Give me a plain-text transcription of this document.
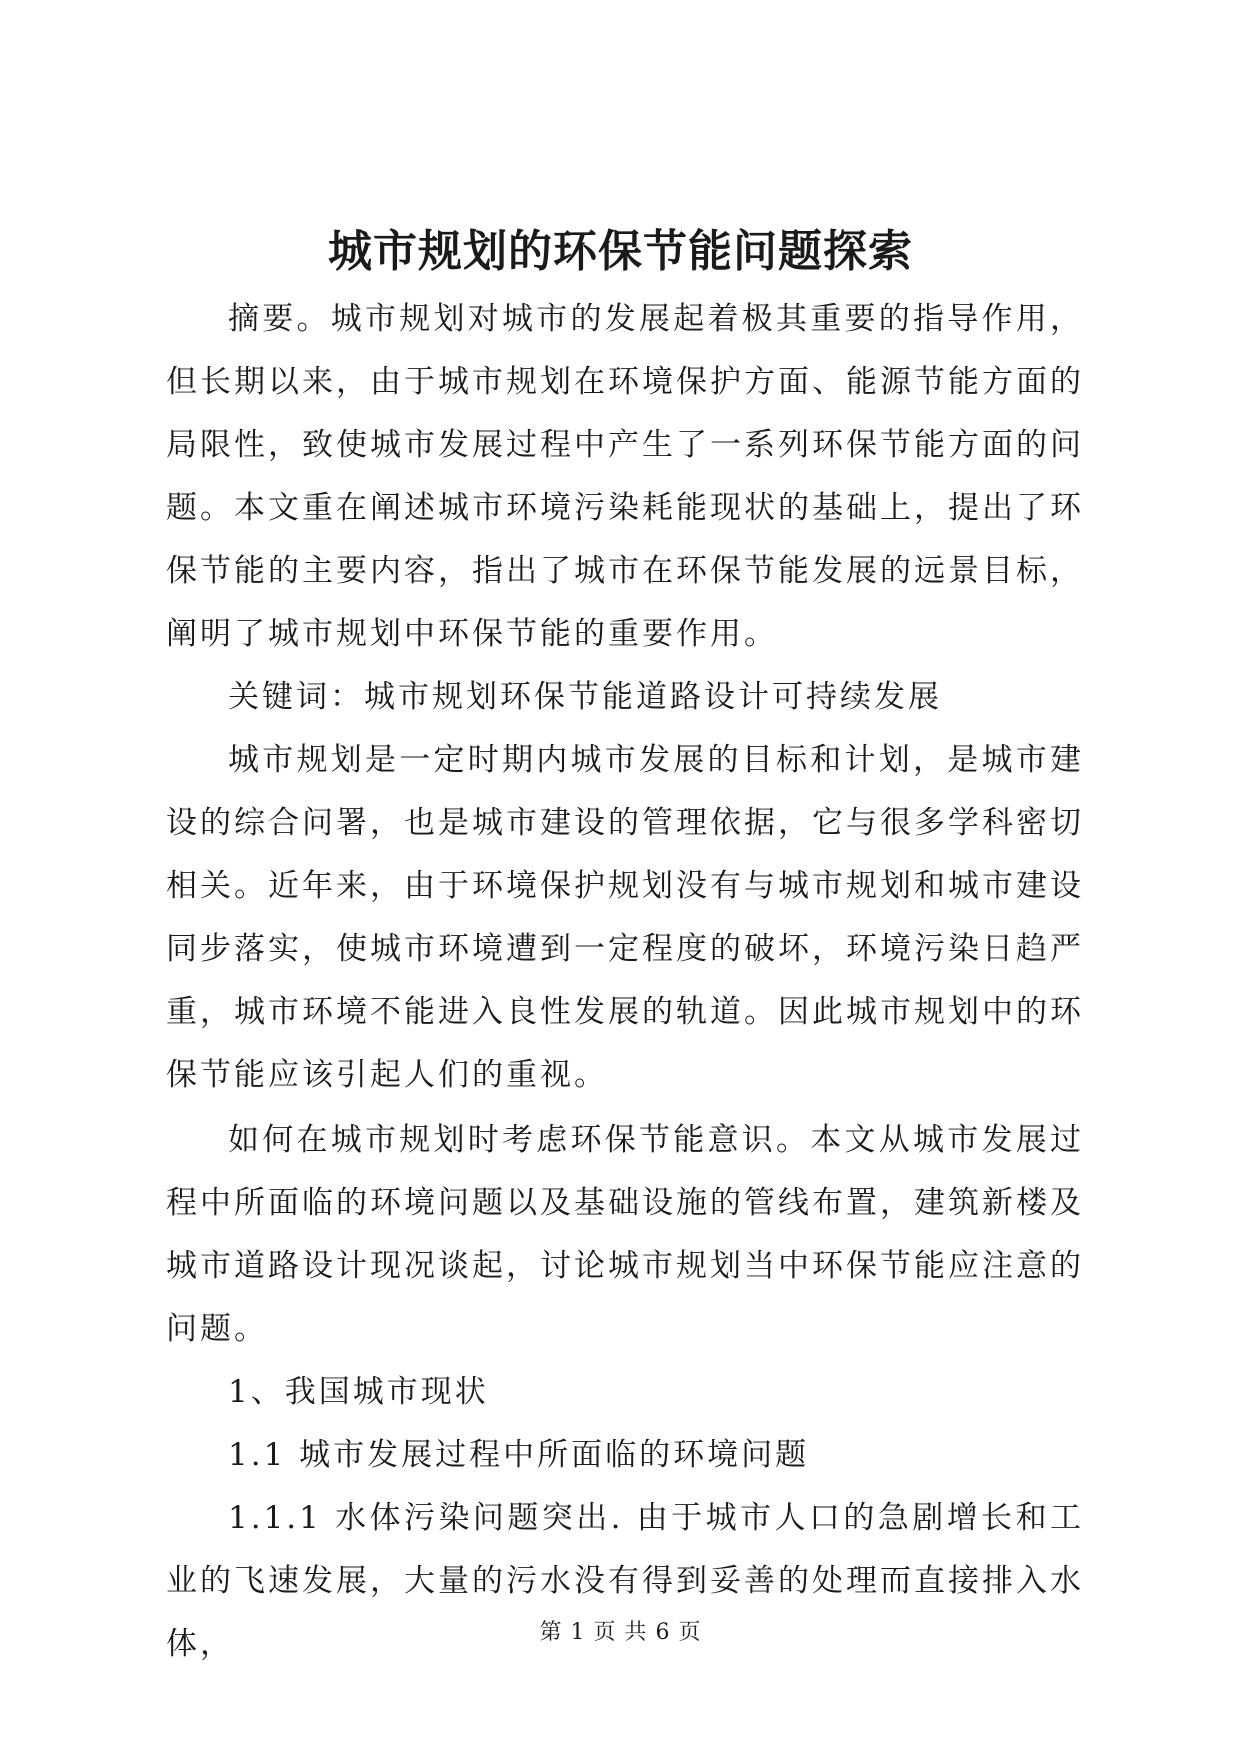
城市规划的环保节能问题探索

摘要。城市规划对城市的发展起着极其重要的指导作用，但长期以来，由于城市规划在环境保护方面、能源节能方面的局限性，致使城市发展过程中产生了一系列环保节能方面的问题。本文重在阐述城市环境污染耗能现状的基础上，提出了环保节能的主要内容，指出了城市在环保节能发展的远景目标，阐明了城市规划中环保节能的重要作用。

关键词：城市规划环保节能道路设计可持续发展

城市规划是一定时期内城市发展的目标和计划，是城市建设的综合问署，也是城市建设的管理依据，它与很多学科密切相关。近年来，由于环境保护规划没有与城市规划和城市建设同步落实，使城市环境遭到一定程度的破坏，环境污染日趋严重，城市环境不能进入良性发展的轨道。因此城市规划中的环保节能应该引起人们的重视。

如何在城市规划时考虑环保节能意识。本文从城市发展过程中所面临的环境问题以及基础设施的管线布置，建筑新楼及城市道路设计现况谈起，讨论城市规划当中环保节能应注意的问题。

1、我国城市现状

1.1 城市发展过程中所面临的环境问题

1.1.1 水体污染问题突出. 由于城市人口的急剧增长和工业的飞速发展，大量的污水没有得到妥善的处理而直接排入水体，	第 1 页 共 6 页
